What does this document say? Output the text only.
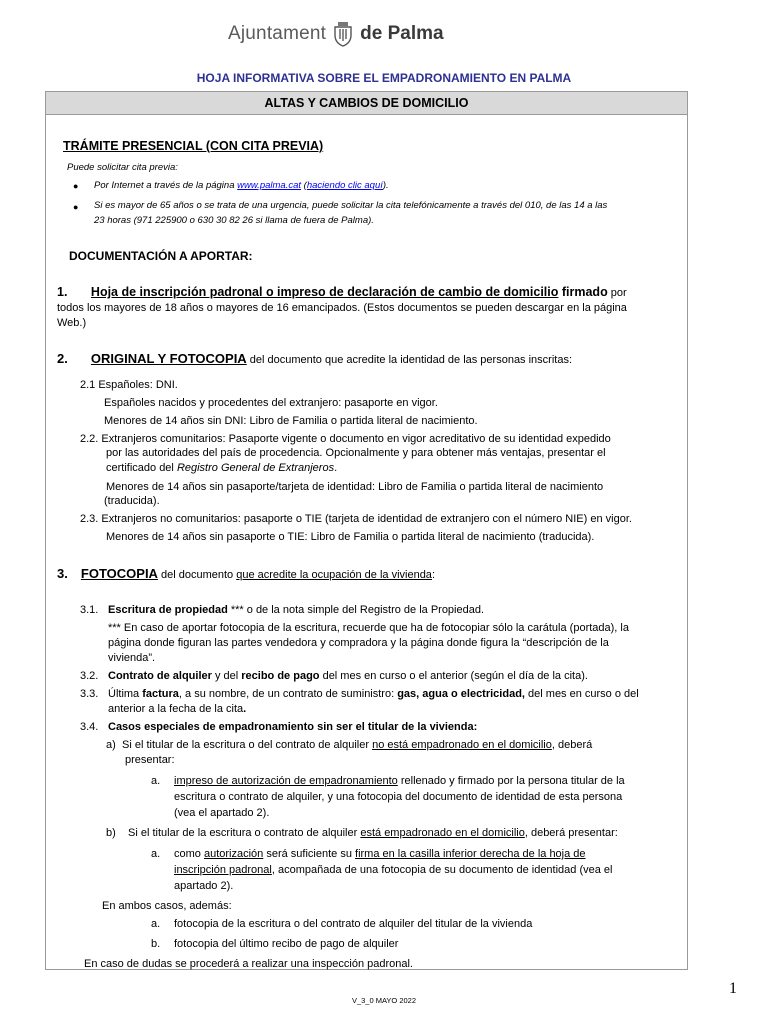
Ajuntament de Palma
HOJA INFORMATIVA SOBRE EL EMPADRONAMIENTO EN PALMA
ALTAS Y CAMBIOS DE DOMICILIO
TRÁMITE PRESENCIAL (CON CITA PREVIA)
Puede solicitar cita previa:
● Por Internet a través de la página www.palma.cat (haciendo clic aquí).
● Si es mayor de 65 años o se trata de una urgencia, puede solicitar la cita telefónicamente a través del 010, de las 14 a las
23 horas (971 225900 o 630 30 82 26 si llama de fuera de Palma).
DOCUMENTACIÓN A APORTAR:
1. Hoja de inscripción padronal o impreso de declaración de cambio de domicilio firmado por
todos los mayores de 18 años o mayores de 16 emancipados. (Estos documentos se pueden descargar en la página
Web.)
2. ORIGINAL Y FOTOCOPIA del documento que acredite la identidad de las personas inscritas:
2.1 Españoles: DNI.
Españoles nacidos y procedentes del extranjero: pasaporte en vigor.
Menores de 14 años sin DNI: Libro de Familia o partida literal de nacimiento.
2.2. Extranjeros comunitarios: Pasaporte vigente o documento en vigor acreditativo de su identidad expedido
por las autoridades del país de procedencia. Opcionalmente y para obtener más ventajas, presentar el
certificado del Registro General de Extranjeros.
Menores de 14 años sin pasaporte/tarjeta de identidad: Libro de Familia o partida literal de nacimiento
(traducida).
2.3. Extranjeros no comunitarios: pasaporte o TIE (tarjeta de identidad de extranjero con el número NIE) en vigor.
Menores de 14 años sin pasaporte o TIE: Libro de Familia o partida literal de nacimiento (traducida).
3. FOTOCOPIA del documento que acredite la ocupación de la vivienda:
3.1. Escritura de propiedad *** o de la nota simple del Registro de la Propiedad.
*** En caso de aportar fotocopia de la escritura, recuerde que ha de fotocopiar sólo la carátula (portada), la
página donde figuran las partes vendedora y compradora y la página donde figura la “descripción de la
vivienda”.
3.2. Contrato de alquiler y del recibo de pago del mes en curso o el anterior (según el día de la cita).
3.3. Última factura, a su nombre, de un contrato de suministro: gas, agua o electricidad, del mes en curso o del
anterior a la fecha de la cita.
3.4. Casos especiales de empadronamiento sin ser el titular de la vivienda:
a) Si el titular de la escritura o del contrato de alquiler no está empadronado en el domicilio, deberá
presentar:
a. impreso de autorización de empadronamiento rellenado y firmado por la persona titular de la
escritura o contrato de alquiler, y una fotocopia del documento de identidad de esta persona
(vea el apartado 2).
b) Si el titular de la escritura o contrato de alquiler está empadronado en el domicilio, deberá presentar:
a. como autorización será suficiente su firma en la casilla inferior derecha de la hoja de
inscripción padronal, acompañada de una fotocopia de su documento de identidad (vea el
apartado 2).
En ambos casos, además:
a. fotocopia de la escritura o del contrato de alquiler del titular de la vivienda
b. fotocopia del último recibo de pago de alquiler
En caso de dudas se procederá a realizar una inspección padronal.
1
V_3_0 MAYO 2022
